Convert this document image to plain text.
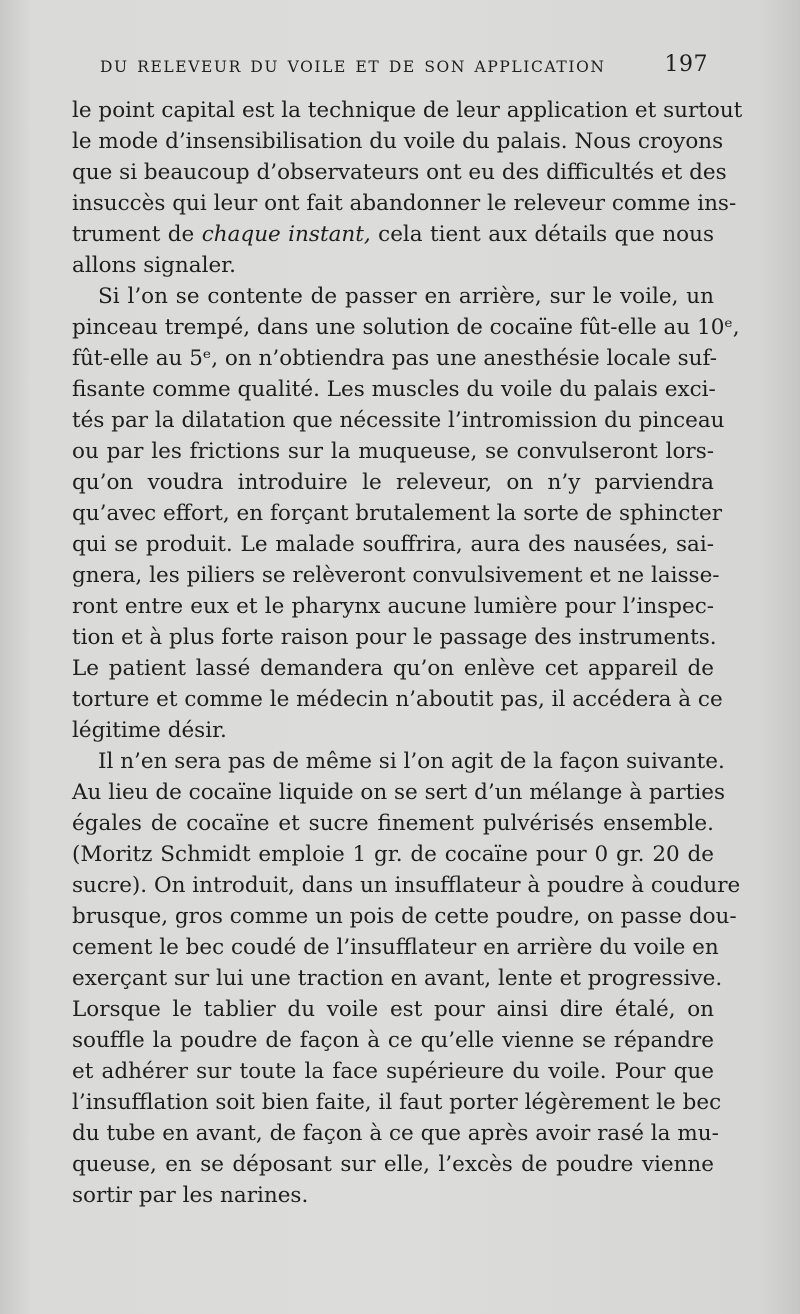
DU RELEVEUR DU VOILE ET DE SON APPLICATION	197
le point capital est la technique de leur application et surtout
le mode d’insensibilisation du voile du palais. Nous croyons
que si beaucoup d’observateurs ont eu des difficultés et des
insuccès qui leur ont fait abandonner le releveur comme ins-
trument de chaque instant, cela tient aux détails que nous
allons signaler.
Si l’on se contente de passer en arrière, sur le voile, un
pinceau trempé, dans une solution de cocaïne fût-elle au 10ᵉ,
fût-elle au 5ᵉ, on n’obtiendra pas une anesthésie locale suf-
fisante comme qualité. Les muscles du voile du palais exci-
tés par la dilatation que nécessite l’intromission du pinceau
ou par les frictions sur la muqueuse, se convulseront lors-
qu’on voudra introduire le releveur, on n’y parviendra
qu’avec effort, en forçant brutalement la sorte de sphincter
qui se produit. Le malade souffrira, aura des nausées, sai-
gnera, les piliers se relèveront convulsivement et ne laisse-
ront entre eux et le pharynx aucune lumière pour l’inspec-
tion et à plus forte raison pour le passage des instruments.
Le patient lassé demandera qu’on enlève cet appareil de
torture et comme le médecin n’aboutit pas, il accédera à ce
légitime désir.
Il n’en sera pas de même si l’on agit de la façon suivante.
Au lieu de cocaïne liquide on se sert d’un mélange à parties
égales de cocaïne et sucre finement pulvérisés ensemble.
(Moritz Schmidt emploie 1 gr. de cocaïne pour 0 gr. 20 de
sucre). On introduit, dans un insufflateur à poudre à coudure
brusque, gros comme un pois de cette poudre, on passe dou-
cement le bec coudé de l’insufflateur en arrière du voile en
exerçant sur lui une traction en avant, lente et progressive.
Lorsque le tablier du voile est pour ainsi dire étalé, on
souffle la poudre de façon à ce qu’elle vienne se répandre
et adhérer sur toute la face supérieure du voile. Pour que
l’insufflation soit bien faite, il faut porter légèrement le bec
du tube en avant, de façon à ce que après avoir rasé la mu-
queuse, en se déposant sur elle, l’excès de poudre vienne
sortir par les narines.
